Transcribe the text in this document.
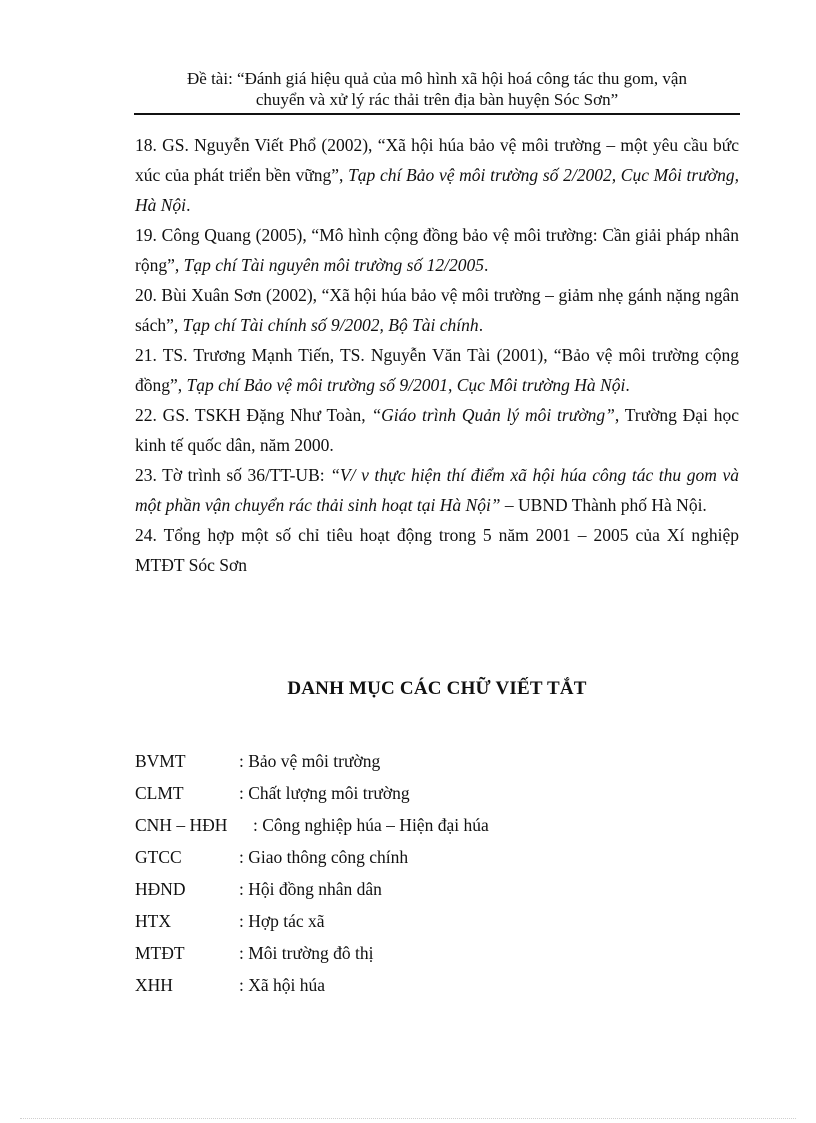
Đề tài: “Đánh giá hiệu quả của mô hình xã hội hoá công tác thu gom, vận
chuyển và xử lý rác thải trên địa bàn huyện Sóc Sơn”

18. GS. Nguyễn Viết Phổ (2002), “Xã hội húa bảo vệ môi trường – một yêu cầu bức xúc của phát triển bền vững”, Tạp chí Bảo vệ môi trường số 2/2002, Cục Môi trường, Hà Nội.

19. Công Quang (2005), “Mô hình cộng đồng bảo vệ môi trường: Cần giải pháp nhân rộng”, Tạp chí Tài nguyên môi trường số 12/2005.

20. Bùi Xuân Sơn (2002), “Xã hội húa bảo vệ môi trường – giảm nhẹ gánh nặng ngân sách”, Tạp chí Tài chính số 9/2002, Bộ Tài chính.

21. TS. Trương Mạnh Tiến, TS. Nguyễn Văn Tài (2001), “Bảo vệ môi trường cộng đồng”, Tạp chí Bảo vệ môi trường số 9/2001, Cục Môi trường Hà Nội.

22. GS. TSKH Đặng Như Toàn, “Giáo trình Quản lý môi trường”, Trường Đại học kinh tế quốc dân, năm 2000.

23. Tờ trình số 36/TT-UB: “V/ v thực hiện thí điểm xã hội húa công tác thu gom và một phần vận chuyển rác thải sinh hoạt tại Hà Nội” – UBND Thành phố Hà Nội.

24. Tổng hợp một số chỉ tiêu hoạt động trong 5 năm 2001 – 2005 của Xí nghiệp MTĐT Sóc Sơn

DANH MỤC CÁC CHỮ VIẾT TẮT
BVMT	: Bảo vệ môi trường
CLMT	: Chất lượng môi trường
CNH – HĐH : Công nghiệp húa – Hiện đại húa
GTCC	: Giao thông công chính
HĐND	: Hội đồng nhân dân
HTX	: Hợp tác xã
MTĐT	: Môi trường đô thị
XHH	: Xã hội húa
